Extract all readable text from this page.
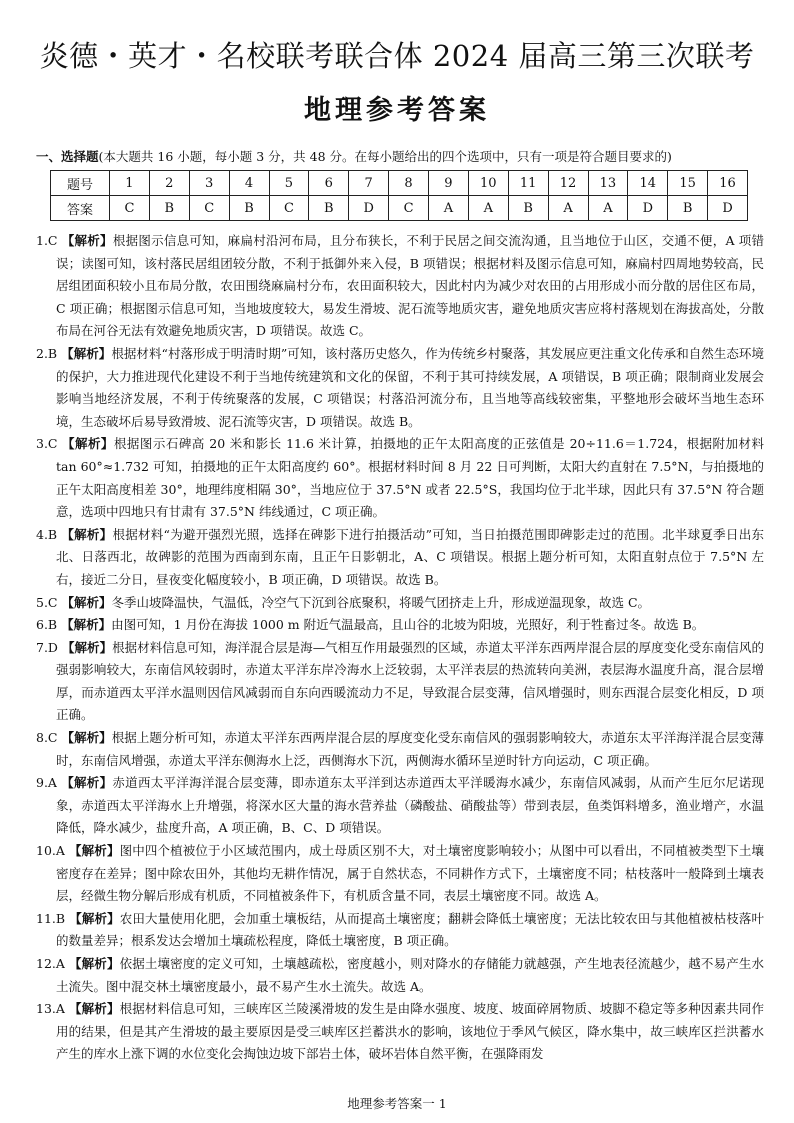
炎德・英才・名校联考联合体 2024 届高三第三次联考
地理参考答案
一、选择题(本大题共 16 小题，每小题 3 分，共 48 分。在每小题给出的四个选项中，只有一项是符合题目要求的)
题号	1	2	3	4	5	6	7	8	9	10	11	12	13	14	15	16
答案	C	B	C	B	C	B	D	C	A	A	B	A	A	D	B	D
1.C 【解析】根据图示信息可知，麻扁村沿河布局，且分布狭长，不利于民居之间交流沟通，且当地位于山区，交通不便，A 项错误；读图可知，该村落民居组团较分散，不利于抵御外来入侵，B 项错误；根据材料及图示信息可知，麻扁村四周地势较高，民居组团面积较小且布局分散，农田围绕麻扁村分布，农田面积较大，因此村内为减少对农田的占用形成小而分散的居住区布局，C 项正确；根据图示信息可知，当地坡度较大，易发生滑坡、泥石流等地质灾害，避免地质灾害应将村落规划在海拔高处，分散布局在河谷无法有效避免地质灾害，D 项错误。故选 C。
2.B 【解析】根据材料“村落形成于明清时期”可知，该村落历史悠久，作为传统乡村聚落，其发展应更注重文化传承和自然生态环境的保护，大力推进现代化建设不利于当地传统建筑和文化的保留，不利于其可持续发展，A 项错误，B 项正确；限制商业发展会影响当地经济发展，不利于传统聚落的发展，C 项错误；村落沿河流分布，且当地等高线较密集，平整地形会破坏当地生态环境，生态破坏后易导致滑坡、泥石流等灾害，D 项错误。故选 B。
3.C 【解析】根据图示石碑高 20 米和影长 11.6 米计算，拍摄地的正午太阳高度的正弦值是 20÷11.6＝1.724，根据附加材料 tan 60°≈1.732 可知，拍摄地的正午太阳高度约 60°。根据材料时间 8 月 22 日可判断，太阳大约直射在 7.5°N，与拍摄地的正午太阳高度相差 30°，地理纬度相隔 30°，当地应位于 37.5°N 或者 22.5°S，我国均位于北半球，因此只有 37.5°N 符合题意，选项中四地只有甘肃有 37.5°N 纬线通过，C 项正确。
4.B 【解析】根据材料“为避开强烈光照，选择在碑影下进行拍摄活动”可知，当日拍摄范围即碑影走过的范围。北半球夏季日出东北、日落西北，故碑影的范围为西南到东南，且正午日影朝北，A、C 项错误。根据上题分析可知，太阳直射点位于 7.5°N 左右，接近二分日，昼夜变化幅度较小，B 项正确，D 项错误。故选 B。
5.C 【解析】冬季山坡降温快，气温低，冷空气下沉到谷底聚积，将暖气团挤走上升，形成逆温现象，故选 C。
6.B 【解析】由图可知，1 月份在海拔 1000 m 附近气温最高，且山谷的北坡为阳坡，光照好，利于牲畜过冬。故选 B。
7.D 【解析】根据材料信息可知，海洋混合层是海—气相互作用最强烈的区域，赤道太平洋东西两岸混合层的厚度变化受东南信风的强弱影响较大，东南信风较弱时，赤道太平洋东岸冷海水上泛较弱，太平洋表层的热流转向美洲，表层海水温度升高，混合层增厚，而赤道西太平洋水温则因信风减弱而自东向西暖流动力不足，导致混合层变薄，信风增强时，则东西混合层变化相反，D 项正确。
8.C 【解析】根据上题分析可知，赤道太平洋东西两岸混合层的厚度变化受东南信风的强弱影响较大，赤道东太平洋海洋混合层变薄时，东南信风增强，赤道太平洋东侧海水上泛，西侧海水下沉，两侧海水循环呈逆时针方向运动，C 项正确。
9.A 【解析】赤道西太平洋海洋混合层变薄，即赤道东太平洋到达赤道西太平洋暖海水减少，东南信风减弱，从而产生厄尔尼诺现象，赤道西太平洋海水上升增强，将深水区大量的海水营养盐（磷酸盐、硝酸盐等）带到表层，鱼类饵料增多，渔业增产，水温降低，降水减少，盐度升高，A 项正确，B、C、D 项错误。
10.A 【解析】图中四个植被位于小区域范围内，成土母质区别不大，对土壤密度影响较小；从图中可以看出，不同植被类型下土壤密度存在差异；图中除农田外，其他均无耕作情况，属于自然状态，不同耕作方式下，土壤密度不同；枯枝落叶一般降到土壤表层，经微生物分解后形成有机质，不同植被条件下，有机质含量不同，表层土壤密度不同。故选 A。
11.B 【解析】农田大量使用化肥，会加重土壤板结，从而提高土壤密度；翻耕会降低土壤密度；无法比较农田与其他植被枯枝落叶的数量差异；根系发达会增加土壤疏松程度，降低土壤密度，B 项正确。
12.A 【解析】依据土壤密度的定义可知，土壤越疏松，密度越小，则对降水的存储能力就越强，产生地表径流越少，越不易产生水土流失。图中混交林土壤密度最小，最不易产生水土流失。故选 A。
13.A 【解析】根据材料信息可知，三峡库区兰陵溪滑坡的发生是由降水强度、坡度、坡面碎屑物质、坡脚不稳定等多种因素共同作用的结果，但是其产生滑坡的最主要原因是受三峡库区拦蓄洪水的影响，该地位于季风气候区，降水集中，故三峡库区拦洪蓄水产生的库水上涨下调的水位变化会掏蚀边坡下部岩土体，破坏岩体自然平衡，在强降雨发
地理参考答案一 1
